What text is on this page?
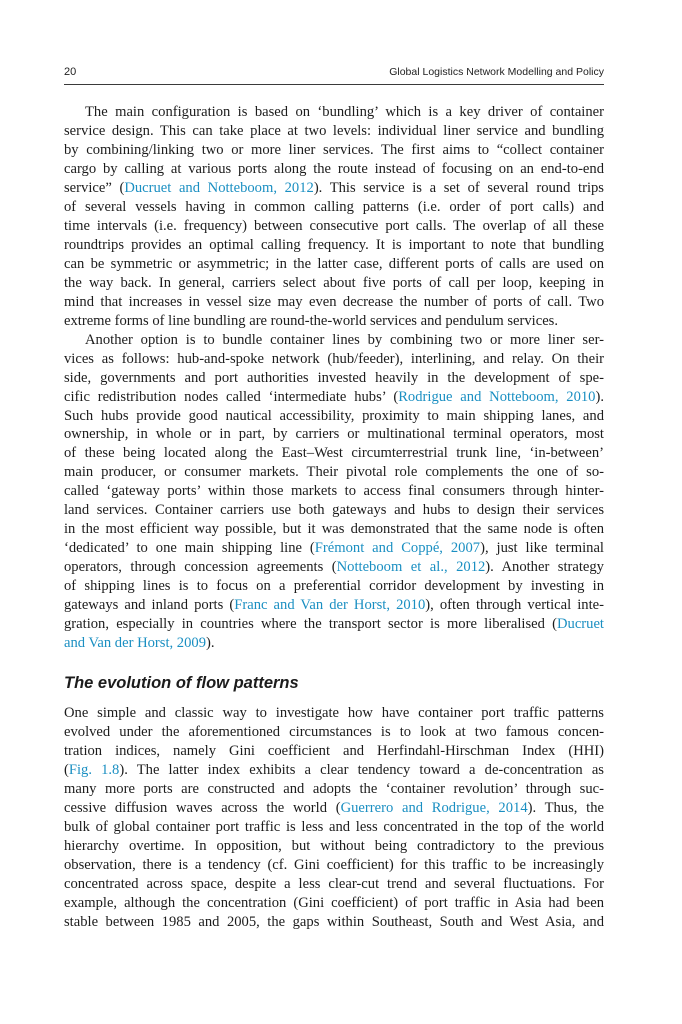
20	Global Logistics Network Modelling and Policy
The main configuration is based on ‘bundling’ which is a key driver of container
service design. This can take place at two levels: individual liner service and bundling
by combining/linking two or more liner services. The first aims to “collect container
cargo by calling at various ports along the route instead of focusing on an end-to-end
service” (Ducruet and Notteboom, 2012). This service is a set of several round trips
of several vessels having in common calling patterns (i.e. order of port calls) and
time intervals (i.e. frequency) between consecutive port calls. The overlap of all these
roundtrips provides an optimal calling frequency. It is important to note that bundling
can be symmetric or asymmetric; in the latter case, different ports of calls are used on
the way back. In general, carriers select about five ports of call per loop, keeping in
mind that increases in vessel size may even decrease the number of ports of call. Two
extreme forms of line bundling are round-the-world services and pendulum services.
Another option is to bundle container lines by combining two or more liner ser-
vices as follows: hub-and-spoke network (hub/feeder), interlining, and relay. On their
side, governments and port authorities invested heavily in the development of spe-
cific redistribution nodes called ‘intermediate hubs’ (Rodrigue and Notteboom, 2010).
Such hubs provide good nautical accessibility, proximity to main shipping lanes, and
ownership, in whole or in part, by carriers or multinational terminal operators, most
of these being located along the East–West circumterrestrial trunk line, ‘in-between’
main producer, or consumer markets. Their pivotal role complements the one of so-
called ‘gateway ports’ within those markets to access final consumers through hinter-
land services. Container carriers use both gateways and hubs to design their services
in the most efficient way possible, but it was demonstrated that the same node is often
‘dedicated’ to one main shipping line (Frémont and Coppé, 2007), just like terminal
operators, through concession agreements (Notteboom et al., 2012). Another strategy
of shipping lines is to focus on a preferential corridor development by investing in
gateways and inland ports (Franc and Van der Horst, 2010), often through vertical inte-
gration, especially in countries where the transport sector is more liberalised (Ducruet
and Van der Horst, 2009).
The evolution of flow patterns
One simple and classic way to investigate how have container port traffic patterns
evolved under the aforementioned circumstances is to look at two famous concen-
tration indices, namely Gini coefficient and Herfindahl-Hirschman Index (HHI)
(Fig. 1.8). The latter index exhibits a clear tendency toward a de-concentration as
many more ports are constructed and adopts the ‘container revolution’ through suc-
cessive diffusion waves across the world (Guerrero and Rodrigue, 2014). Thus, the
bulk of global container port traffic is less and less concentrated in the top of the world
hierarchy overtime. In opposition, but without being contradictory to the previous
observation, there is a tendency (cf. Gini coefficient) for this traffic to be increasingly
concentrated across space, despite a less clear-cut trend and several fluctuations. For
example, although the concentration (Gini coefficient) of port traffic in Asia had been
stable between 1985 and 2005, the gaps within Southeast, South and West Asia, and
